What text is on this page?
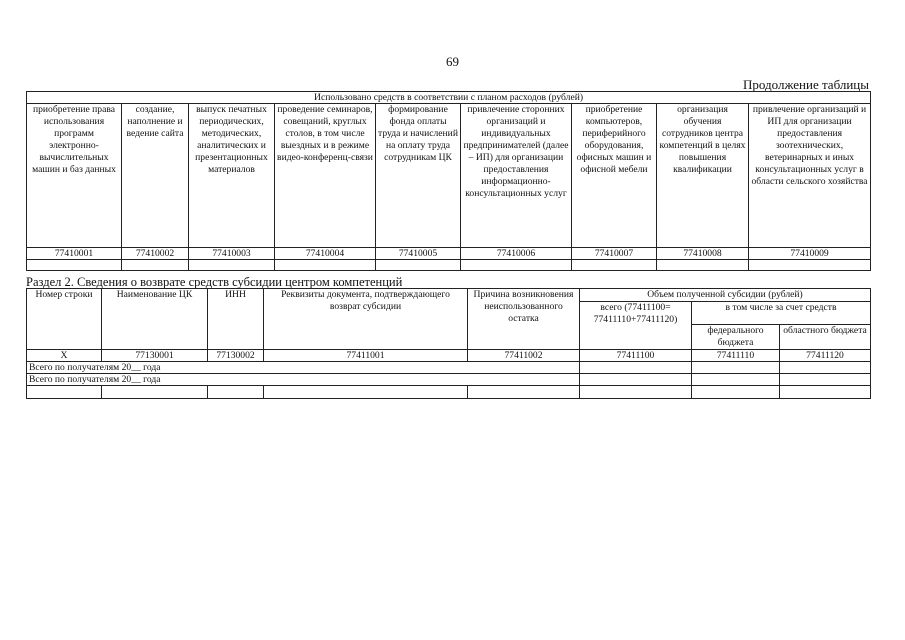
69
Продолжение таблицы
Использовано средств в соответствии с планом расходов (рублей)								
приобретение права использования программ электронно-вычислительных машин и баз данных	создание, наполнение и ведение сайта	выпуск печатных периодических, методических, аналитических и презентационных материалов	проведение семинаров, совещаний, круглых столов, в том числе выездных и в режиме видео-конференц-связи	формирование фонда оплаты труда и начислений на оплату труда сотрудникам ЦК	привлечение сторонних организаций и индивидуальных предпринимателей (далее – ИП) для организации предоставления информационно-консультационных услуг	приобретение компьютеров, периферийного оборудования, офисных машин и офисной мебели	организация обучения сотрудников центра компетенций в целях повышения квалификации	привлечение организаций и ИП для организации предоставления зоотехнических, ветеринарных и иных консультационных услуг в области сельского хозяйства
77410001	77410002	77410003	77410004	77410005	77410006	77410007	77410008	77410009

Раздел 2. Сведения о возврате средств субсидии центром компетенций
Номер строки	Наименование ЦК	ИНН	Реквизиты документа, подтверждающего возврат субсидии	Причина возникновения неиспользованного остатка	Объем полученной субсидии (рублей)		
					всего (77411100= 77411110+77411120)	в том числе за счет средств	
						федерального бюджета	областного бюджета
X	77130001	77130002	77411001	77411002	77411100	77411110	77411120
Всего по получателям 20__ года							
Всего по получателям 20__ года							
